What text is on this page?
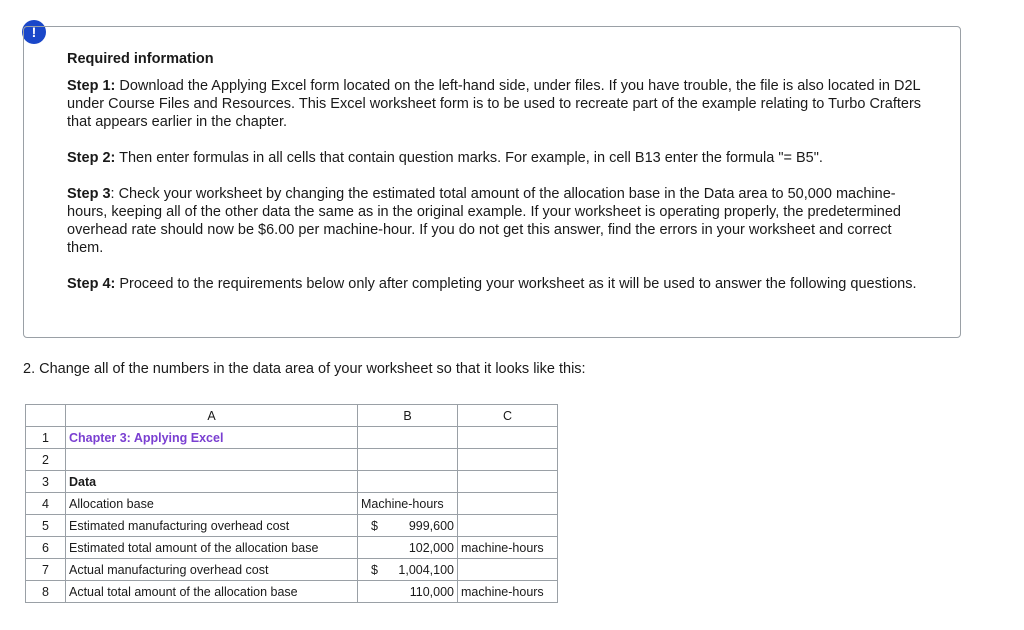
!
Required information

Step 1: Download the Applying Excel form located on the left-hand side, under files. If you have trouble, the file is also located in D2L under Course Files and Resources. This Excel worksheet form is to be used to recreate part of the example relating to Turbo Crafters that appears earlier in the chapter.

Step 2: Then enter formulas in all cells that contain question marks. For example, in cell B13 enter the formula "= B5".

Step 3: Check your worksheet by changing the estimated total amount of the allocation base in the Data area to 50,000 machine-hours, keeping all of the other data the same as in the original example. If your worksheet is operating properly, the predetermined overhead rate should now be $6.00 per machine-hour. If you do not get this answer, find the errors in your worksheet and correct them.

Step 4: Proceed to the requirements below only after completing your worksheet as it will be used to answer the following questions.

2. Change all of the numbers in the data area of your worksheet so that it looks like this:
	A	B	C
1	Chapter 3: Applying Excel		
2			
3	Data		
4	Allocation base	Machine-hours	
5	Estimated manufacturing overhead cost	$ 999,600	

6	Estimated total amount of the allocation base	102,000	machine-hours
7	Actual manufacturing overhead cost	$ 1,004,100	

8	Actual total amount of the allocation base	110,000	machine-hours
